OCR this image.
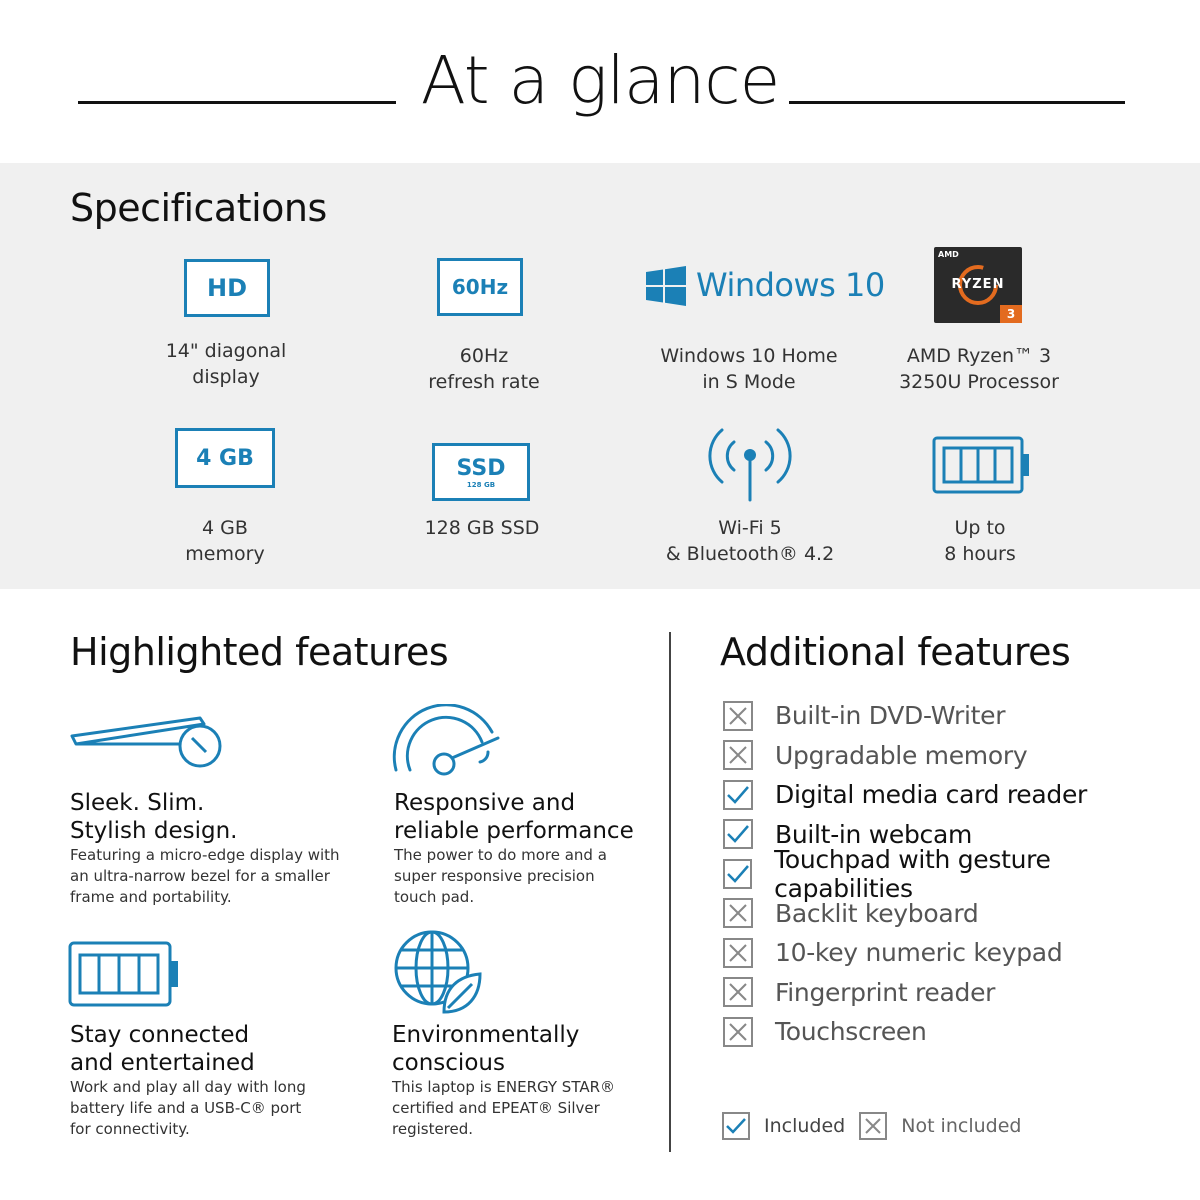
At a glance
Specifications
HD
14" diagonal
display
60Hz
60Hz
refresh rate
Windows 10
Windows 10 Home
in S Mode
AMD
RYZEN
3
AMD Ryzen™ 3
3250U Processor
4 GB
4 GB
memory
SSD
128 GB
128 GB SSD	Wi-Fi 5
& Bluetooth® 4.2
Up to
8 hours
Highlighted features
Sleek. Slim.
Stylish design.
Featuring a micro-edge display with
an ultra-narrow bezel for a smaller
frame and portability.
Responsive and
reliable performance
The power to do more and a
super responsive precision
touch pad.
Stay connected
and entertained
Work and play all day with long
battery life and a USB-C® port
for connectivity.
Environmentally
conscious
This laptop is ENERGY STAR®
certified and EPEAT® Silver
registered.
Additional features
Built-in DVD-Writer
Upgradable memory
Digital media card reader
Built-in webcam
Touchpad with gesture capabilities
Backlit keyboard
10-key numeric keypad
Fingerprint reader
Touchscreen
Included	Not included
